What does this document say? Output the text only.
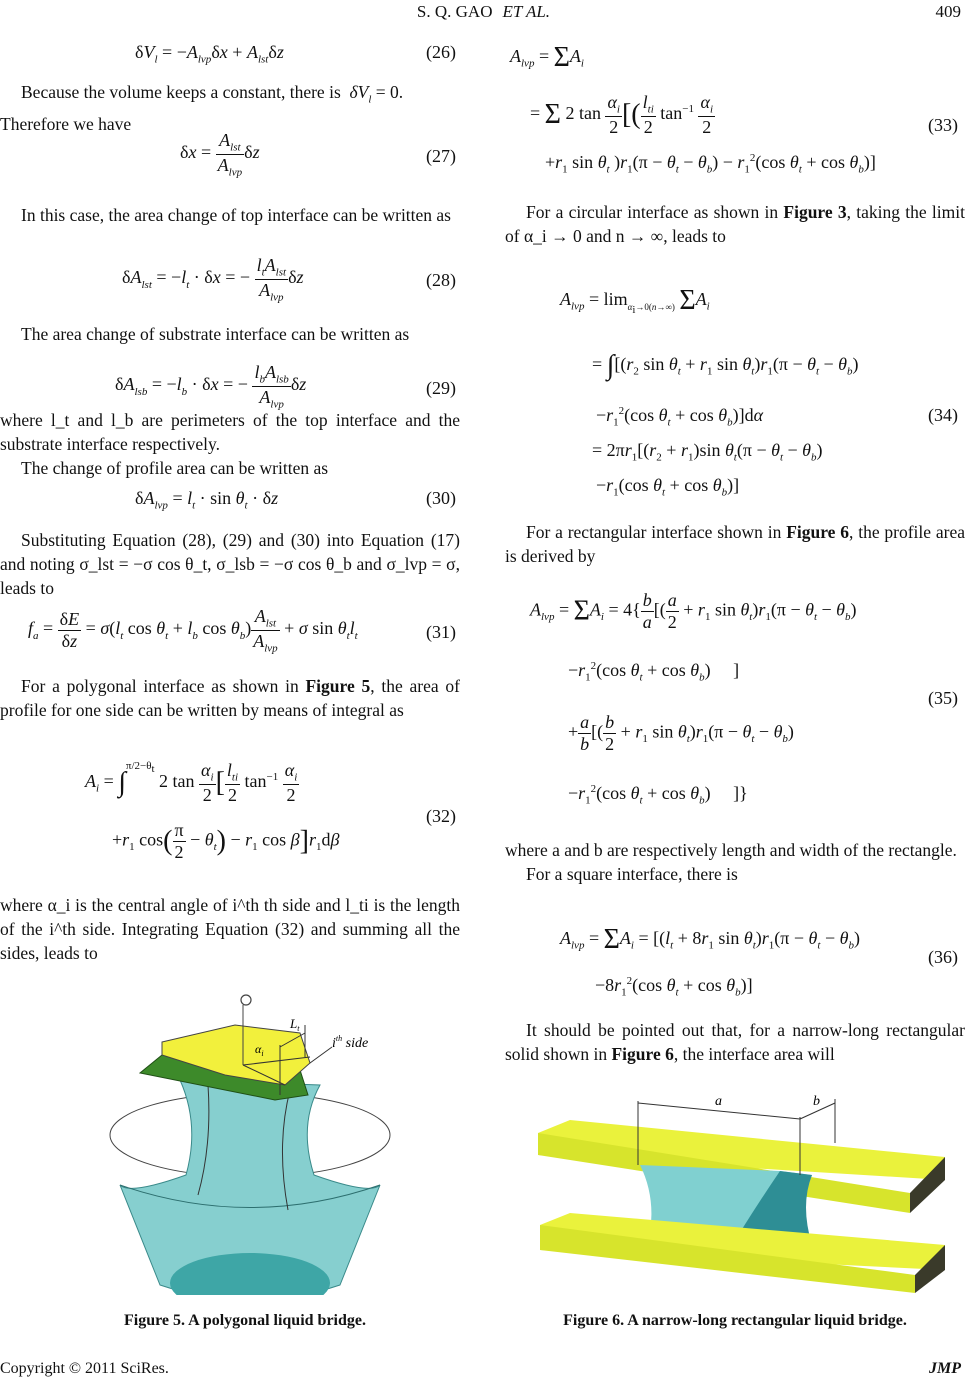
S. Q. GAO ET AL.	409
$\delta V_l = -A_{lvp}\delta x + A_{lst}\delta z$	(26)

Because the volume keeps a constant, there is  $\delta V_l = 0$.
Therefore we have

$\delta x = \frac{A_{lst}}{A_{lvp}}$ δz	(27)

In this case, the area change of top interface can be written as

$\delta A_{lst} = -l_t \cdot \delta x$ = − $\frac{l_tA_{lst}}{A_{lvp}}$ δz	(28)

The area change of substrate interface can be written as

$\delta A_{lsb} = -l_b \cdot \delta x$ = − $\frac{l_bA_{lsb}}{A_{lvp}}$ δz	(29)

where l_t and l_b are perimeters of the top interface and the substrate interface respectively.

The change of profile area can be written as

$\delta A_{lvp} = l_t \cdot \sin \theta_t \cdot \delta z$	(30)

Substituting Equation (28), (29) and (30) into Equation (17) and noting σ_lst = −σ cos θ_t, σ_lsb = −σ cos θ_b and σ_lvp = σ, leads to

$f_a = \frac{\delta E}{\delta z} = \sigma(l_t$ $\cos \theta_t + l_b$ $\cos \theta_b) \frac{A_{lst}}{A_{lvp}} + \sigma$ $\sin \theta_tl_t$	(31)

For a polygonal interface as shown in Figure 5, the area of profile for one side can be written by means of integral as

$A_i = \int^{\pi/2-\theta_t}$ 2 $\tan \frac{\alpha_i}{2}$ [ $\frac{l_{ti}}{2} \tan^{-1} \frac{\alpha_i}{2}$
$+r_1$ $\cos( \frac{\pi}{2} - \theta_t) - r_1$ $\cos \beta]r_1d\beta$
(32)

where α_i is the central angle of i^th th side and l_ti is the length of the i^th side. Integrating Equation (32) and summing all the sides, leads to

$\alpha_i$
$L_t$
$i^{th}$ side
Figure 5. A polygonal liquid bridge.
$A_{lvp} = \Sigma A_i$
= Σ 2 $\tan \frac{\alpha_i}{2}$ [( $\frac{l_{ti}}{2} \tan^{-1} \frac{\alpha_i}{2}$
$+r_1$ $\sin \theta_t$ )$r_1(\pi - \theta_t - \theta_b) - r_1^2(\cos$ $\theta_t + \cos \theta_b$)]
(33)

For a circular interface as shown in Figure 3, taking the limit of α_i → 0 and n → ∞, leads to

$A_{lvp} = \lim_{\alpha_i\to 0(n\to\infty)} \Sigma A_i$
= $\int[(r_2$ $\sin \theta_t + r_1$ $\sin \theta_t)r_1(\pi - \theta_t - \theta_b)$
$-r_1^2(\cos$ $\theta_t + \cos \theta_b)]d\alpha$
= $2\pi r_1[(r_2 + r_1)\sin$ $\theta_t(\pi - \theta_t - \theta_b)$
$-r_1(\cos$ $\theta_t + \cos \theta_b$)]
(34)

For a rectangular interface shown in Figure 6, the profile area is derived by

$A_{lvp} = \Sigma A_i = 4\{ \frac{b}{a}$ [( $\frac{a}{2} + r_1$ $\sin \theta_t)r_1(\pi - \theta_t - \theta_b)$
$-r_1^2(\cos$ $\theta_t + \cos \theta_b$)     ]
+ $\frac{a}{b}$ [( $\frac{b}{2} + r_1$ $\sin \theta_t)r_1(\pi - \theta_t - \theta_b)$
$-r_1^2(\cos$ $\theta_t + \cos \theta_b$)     ]}
(35)

where a and b are respectively length and width of the rectangle.

For a square interface, there is

$A_{lvp} = \Sigma A_i = [(l_t + 8r_1$ $\sin \theta_t)r_1(\pi - \theta_t - \theta_b)$
$-8r_1^2(\cos$ $\theta_t + \cos \theta_b$)]
(36)

It should be pointed out that, for a narrow-long rectangular solid shown in Figure 6, the interface area will

a	b
Figure 6. A narrow-long rectangular liquid bridge.
Copyright © 2011 SciRes.	JMP
